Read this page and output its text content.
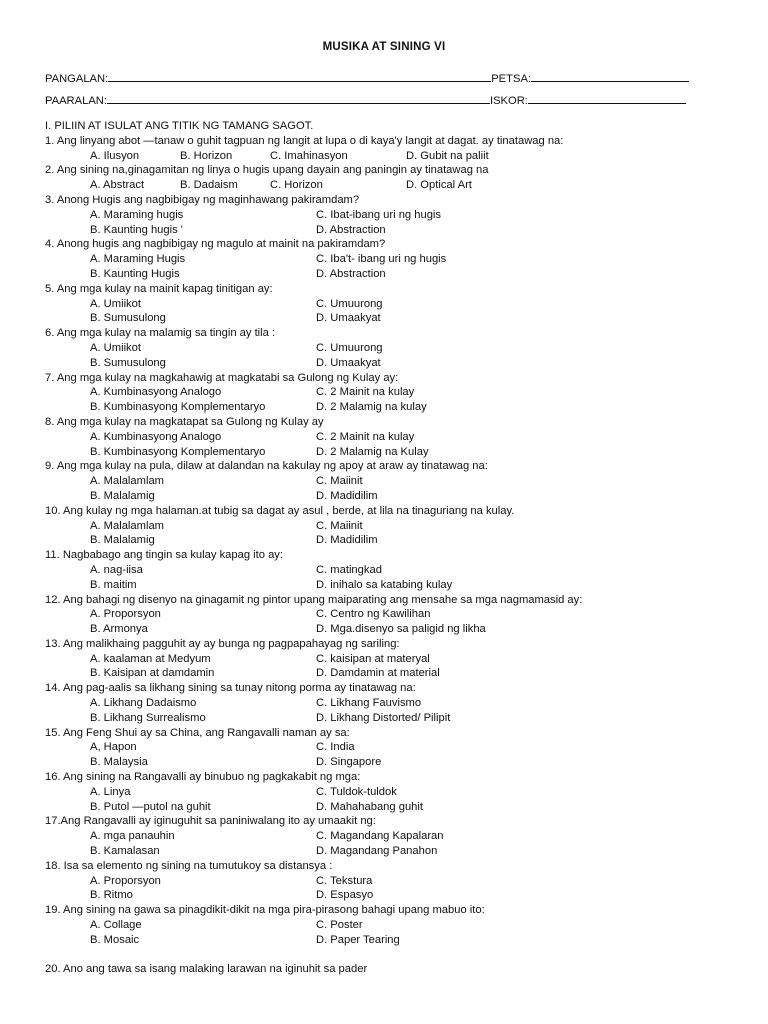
MUSIKA AT SINING VI
PANGALAN:	PETSA:
PAARALAN:	ISKOR:
I. PILIIN AT ISULAT ANG TITIK NG TAMANG SAGOT.
1. Ang linyang abot —tanaw o guhit tagpuan ng langit at lupa o di kaya'y langit at dagat. ay tinatawag na:
A. Ilusyon	B. Horizon	C. Imahinasyon	D. Gubit na paliit
2. Ang sining na,ginagamitan ng linya o hugis upang dayain ang paningin ay tinatawag na
A. Abstract	B. Dadaism	C. Horizon	D. Optical Art
3. Anong Hugis ang nagbibigay ng maginhawang pakiramdam?
A. Maraming hugis	C. Ibat-ibang uri ng hugis
B. Kaunting hugis '	D. Abstraction
4. Anong hugis ang nagbibigay ng magulo at mainit na pakiramdam?
A. Maraming Hugis	C. Iba't- ibang uri ng hugis
B. Kaunting Hugis	D. Abstraction
5. Ang mga kulay na mainit kapag tinitigan ay:
A. Umiikot	C. Umuurong
B. Sumusulong	D. Umaakyat
6. Ang mga kulay na malamig sa tingin ay tila :
A. Umiikot	C. Umuurong
B. Sumusulong	D. Umaakyat
7. Ang mga kulay na magkahawig at magkatabi sa Gulong ng Kulay ay:
A. Kumbinasyong Analogo	C. 2 Mainit na kulay
B. Kumbinasyong Komplementaryo	D. 2 Malamig na kulay
8. Ang mga kulay na magkatapat sa Gulong ng Kulay ay
A. Kumbinasyong Analogo	C. 2 Mainit na kulay
B. Kumbinasyong Komplementaryo	D. 2 Malamig na Kulay
9. Ang mga kulay na pula, dilaw at dalandan na kakulay ng apoy at araw ay tinatawag na:
A. Malalamlam	C. Maiinit
B. Malalamig	D. Madidilim
10. Ang kulay ng mga halaman.at tubig sa dagat ay asul , berde, at lila na tinaguriang na kulay.
A. Malalamlam	C. Maiinit
B. Malalamig	D. Madidilim
11. Nagbabago ang tingin sa kulay kapag ito ay:
A. nag-iisa	C. matingkad
B. maitim	D. inihalo sa katabing kulay
12. Ang bahagi ng disenyo na ginagamit ng pintor upang maiparating ang mensahe sa mga nagmamasid ay:
A. Proporsyon	C. Centro ng Kawilihan
B. Armonya	D. Mga.disenyo sa paligid ng likha
13. Ang malikhaing pagguhit ay ay bunga ng pagpapahayag ng sariling:
A. kaalaman at Medyum	C. kaisipan at materyal
B. Kaisipan at damdamin	D. Damdamin at material
14. Ang pag-aalis sa likhang sining sa tunay nitong porma ay tinatawag na:
A. Likhang Dadaismo	C. Likhang Fauvismo
B. Likhang Surrealismo	D. Likhang Distorted/ Pilipit
15. Ang Feng Shui ay sa China, ang Rangavalli naman ay sa:
A, Hapon	C. India
B. Malaysia	D. Singapore
16. Ang sining na Rangavalli ay binubuo ng pagkakabit ng mga:
A. Linya	C. Tuldok-tuldok
B. Putol —putol na guhit	D. Mahahabang guhit
17.Ang Rangavalli ay iginuguhit sa paniniwalang ito ay umaakit ng:
A. mga panauhin	C. Magandang Kapalaran
B. Kamalasan	D. Magandang Panahon
18. Isa sa elemento ng sining na tumutukoy sa distansya :
A. Proporsyon	C. Tekstura
B. Ritmo	D. Espasyo
19. Ang sining na gawa sa pinagdikit-dikit na mga pira-pirasong bahagi upang mabuo ito:
A. Collage	C. Poster
B. Mosaic	D. Paper Tearing
20. Ano ang tawa sa isang malaking larawan na iginuhit sa pader
